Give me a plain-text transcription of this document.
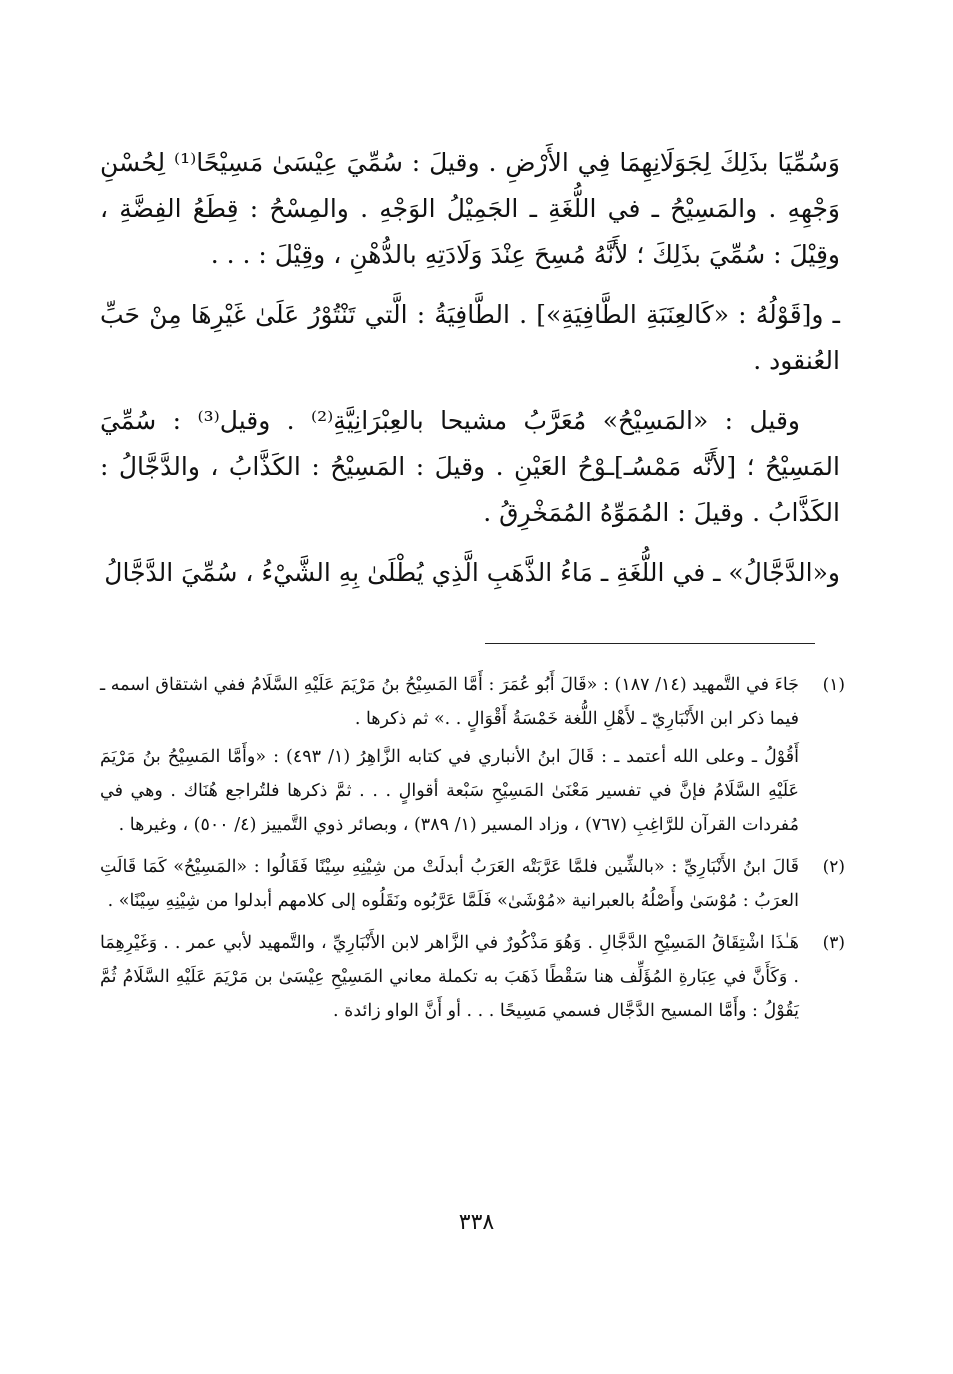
وَسُمِّيَا بذَلِكَ لِجَوَلَانِهِمَا فِي الأَرْضِ . وقيلَ : سُمِّيَ عِيْسَىٰ مَسِيْحًا⁽¹⁾ لِحُسْنِ وَجْهِهِ . والمَسِيْحُ ـ في اللُّغَةِ ـ الجَمِيْلُ الوَجْهِ . والمِسْحُ : قِطَعُ الفِضَّةِ ، وقِيْلَ : سُمِّيَ بذَلِكَ ؛ لأَنَّهُ مُسِحَ عِنْدَ وَلَادَتِهِ بالدُّهْنِ ، وقِيْلَ : . . .

ـ و[قَوْلُهُ : «كَالعِنَبَةِ الطَّافِيَةِ»] . الطَّافِيَةُ : الَّتي تَنْتُوْرُ عَلَىٰ غَيْرِهَا مِنْ حَبِّ العُنقود .

وقيل : «المَسِيْحُ» مُعَرَّبُ مشيحا بالعِبْرَانِيَّةِ⁽²⁾ . وقيل⁽³⁾ : سُمِّيَ المَسِيْحُ ؛ [لأَنَّه مَمْسُـ]ـوْحُ العَيْنِ . وقيلَ : المَسِيْحُ : الكَذَّابُ ، والدَّجَّالُ : الكَذَّابُ . وقيلَ : المُمَوِّهُ المُمَخْرِقُ .

و«الدَّجَّالُ» ـ في اللُّغَةِ ـ مَاءُ الذَّهَبِ الَّذِي يُطْلَىٰ بِهِ الشَّيْءُ ، سُمِّيَ الدَّجَّالُ

(١)

جَاءَ في التَّمهيد (١٤/ ١٨٧) : «قَالَ أَبُو عُمَرَ : أَمَّا المَسِيْحُ بنُ مَرْيَمَ عَلَيْهِ السَّلَامُ ففي اشتقاق اسمه ـ فيما ذكر ابن الأَنْبَارِيّ ـ لأَهْلِ اللُّغة خَمْسَةُ أَقْوَالٍ . .» ثم ذكرها .

أَقُوْلُ ـ وعلى الله أعتمد ـ : قَالَ ابنُ الأنباري في كتابه الزَّاهِرُ (١/ ٤٩٣) : «وأَمَّا المَسِيْحُ بنُ مَرْيَمَ عَلَيْهِ السَّلَامُ فإنَّ في تفسير مَعْنَىٰ المَسِيْحِ سَبْعة أقوالٍ . . . ثمَّ ذكرها فلتُراجع هُنَاك . وهي في مُفردات القرآن للرَّاغِبِ (٧٦٧) ، وزاد المسير (١/ ٣٨٩) ، وبصائر ذوي التَّمييز (٤/ ٥٠٠) ، وغيرها .

(٢)

قَالَ ابنُ الأَنْبَارِيِّ : «بالشِّين فلمَّا عَرَّبَتْه العَرَبُ أبدلَتْ من شِيْنِهِ سِيْنًا فَقَالُوا : «المَسِيْحُ» كَمَا قَالَتِ العرَبُ : مُوْسَىٰ وأَصْلُهُ بالعبرانية «مُوْشَىٰ» فَلَمَّا عَرَّبُوه ونَقَلُوه إلى كلامهم أبدلوا من شِيْنِهِ سِيْنًا» .

(٣)

هَـٰذَا اشْتِقَاقُ المَسِيْحِ الدَّجَّالِ . وَهُوَ مَذْكُورٌ في الزَّاهر لابن الأَنْبَارِيِّ ، والتَّمهيد لأبي عمر . . وَغَيْرِهِمَا . وَكَأَنَّ في عِبَارةِ المُؤَلِّف هنا سَقْطًا ذَهَبَ به تكملة معاني المَسِيْحِ عِيْسَىٰ بن مَرْيَمَ عَلَيْهِ السَّلَامُ ثُمَّ يَقُوْلُ : وأَمَّا المسيح الدَّجَّال فسمي مَسِيحًا . . . أو أَنَّ الواو زائدة .

٣٣٨
